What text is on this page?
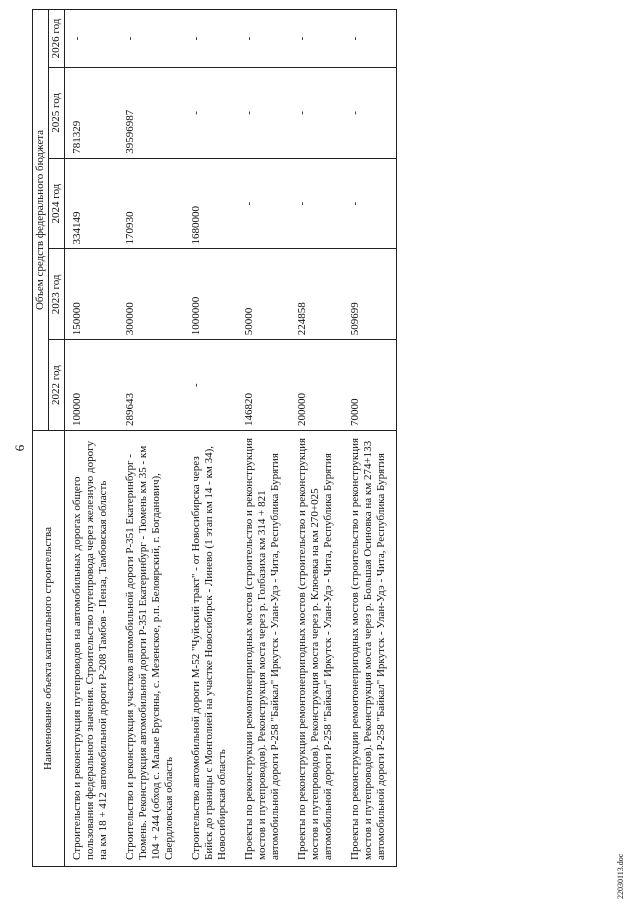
6
Наименование объекта капитального строительства	Объем средств федерального бюджета				
	2022 год	2023 год	2024 год	2025 год	2026 год
Строительство и реконструкция путепроводов на автомобильных дорогах общего пользования федерального значения. Строительство путепровода через железную дорогу на км 18 + 412 автомобильной дороги Р-208 Тамбов - Пенза, Тамбовская область	100000	150000	334149	781329	-
Строительство и реконструкция участков автомобильной дороги Р-351 Екатеринбург - Тюмень. Реконструкция автомобильной дороги Р-351 Екатеринбург - Тюмень км 35 - км 104 + 244 (обход с. Малые Брусяны, с. Мезенское, р.п. Белоярский, г. Богданович), Свердловская область	289643	300000	170930	39596987	-
Строительство автомобильной дороги М-52 "Чуйский тракт" - от Новосибирска через Бийск до границы с Монголией на участке Новосибирск - Линево (1 этап км 14 - км 34), Новосибирская область	-	1000000	1680000	-	-
Проекты по реконструкции ремонтонепригодных мостов (строительство и реконструкция мостов и путепроводов). Реконструкция моста через р. Голбазиха км 314 + 821 автомобильной дороги Р-258 "Байкал" Иркутск - Улан-Удэ - Чита, Республика Бурятия	146820	50000	-	-	-
Проекты по реконструкции ремонтонепригодных мостов (строительство и реконструкция мостов и путепроводов). Реконструкция моста через р. Клюевка на км 270+025 автомобильной дороги Р-258 "Байкал" Иркутск - Улан-Удэ - Чита, Республика Бурятия	200000	224858	-	-	-
Проекты по реконструкции ремонтонепригодных мостов (строительство и реконструкция мостов и путепроводов). Реконструкция моста через р. Большая Осиновка на км 274+133 автомобильной дороги Р-258 "Байкал" Иркутск - Улан-Удэ - Чита, Республика Бурятия	70000	509699	-	-	-
22030113.doc
